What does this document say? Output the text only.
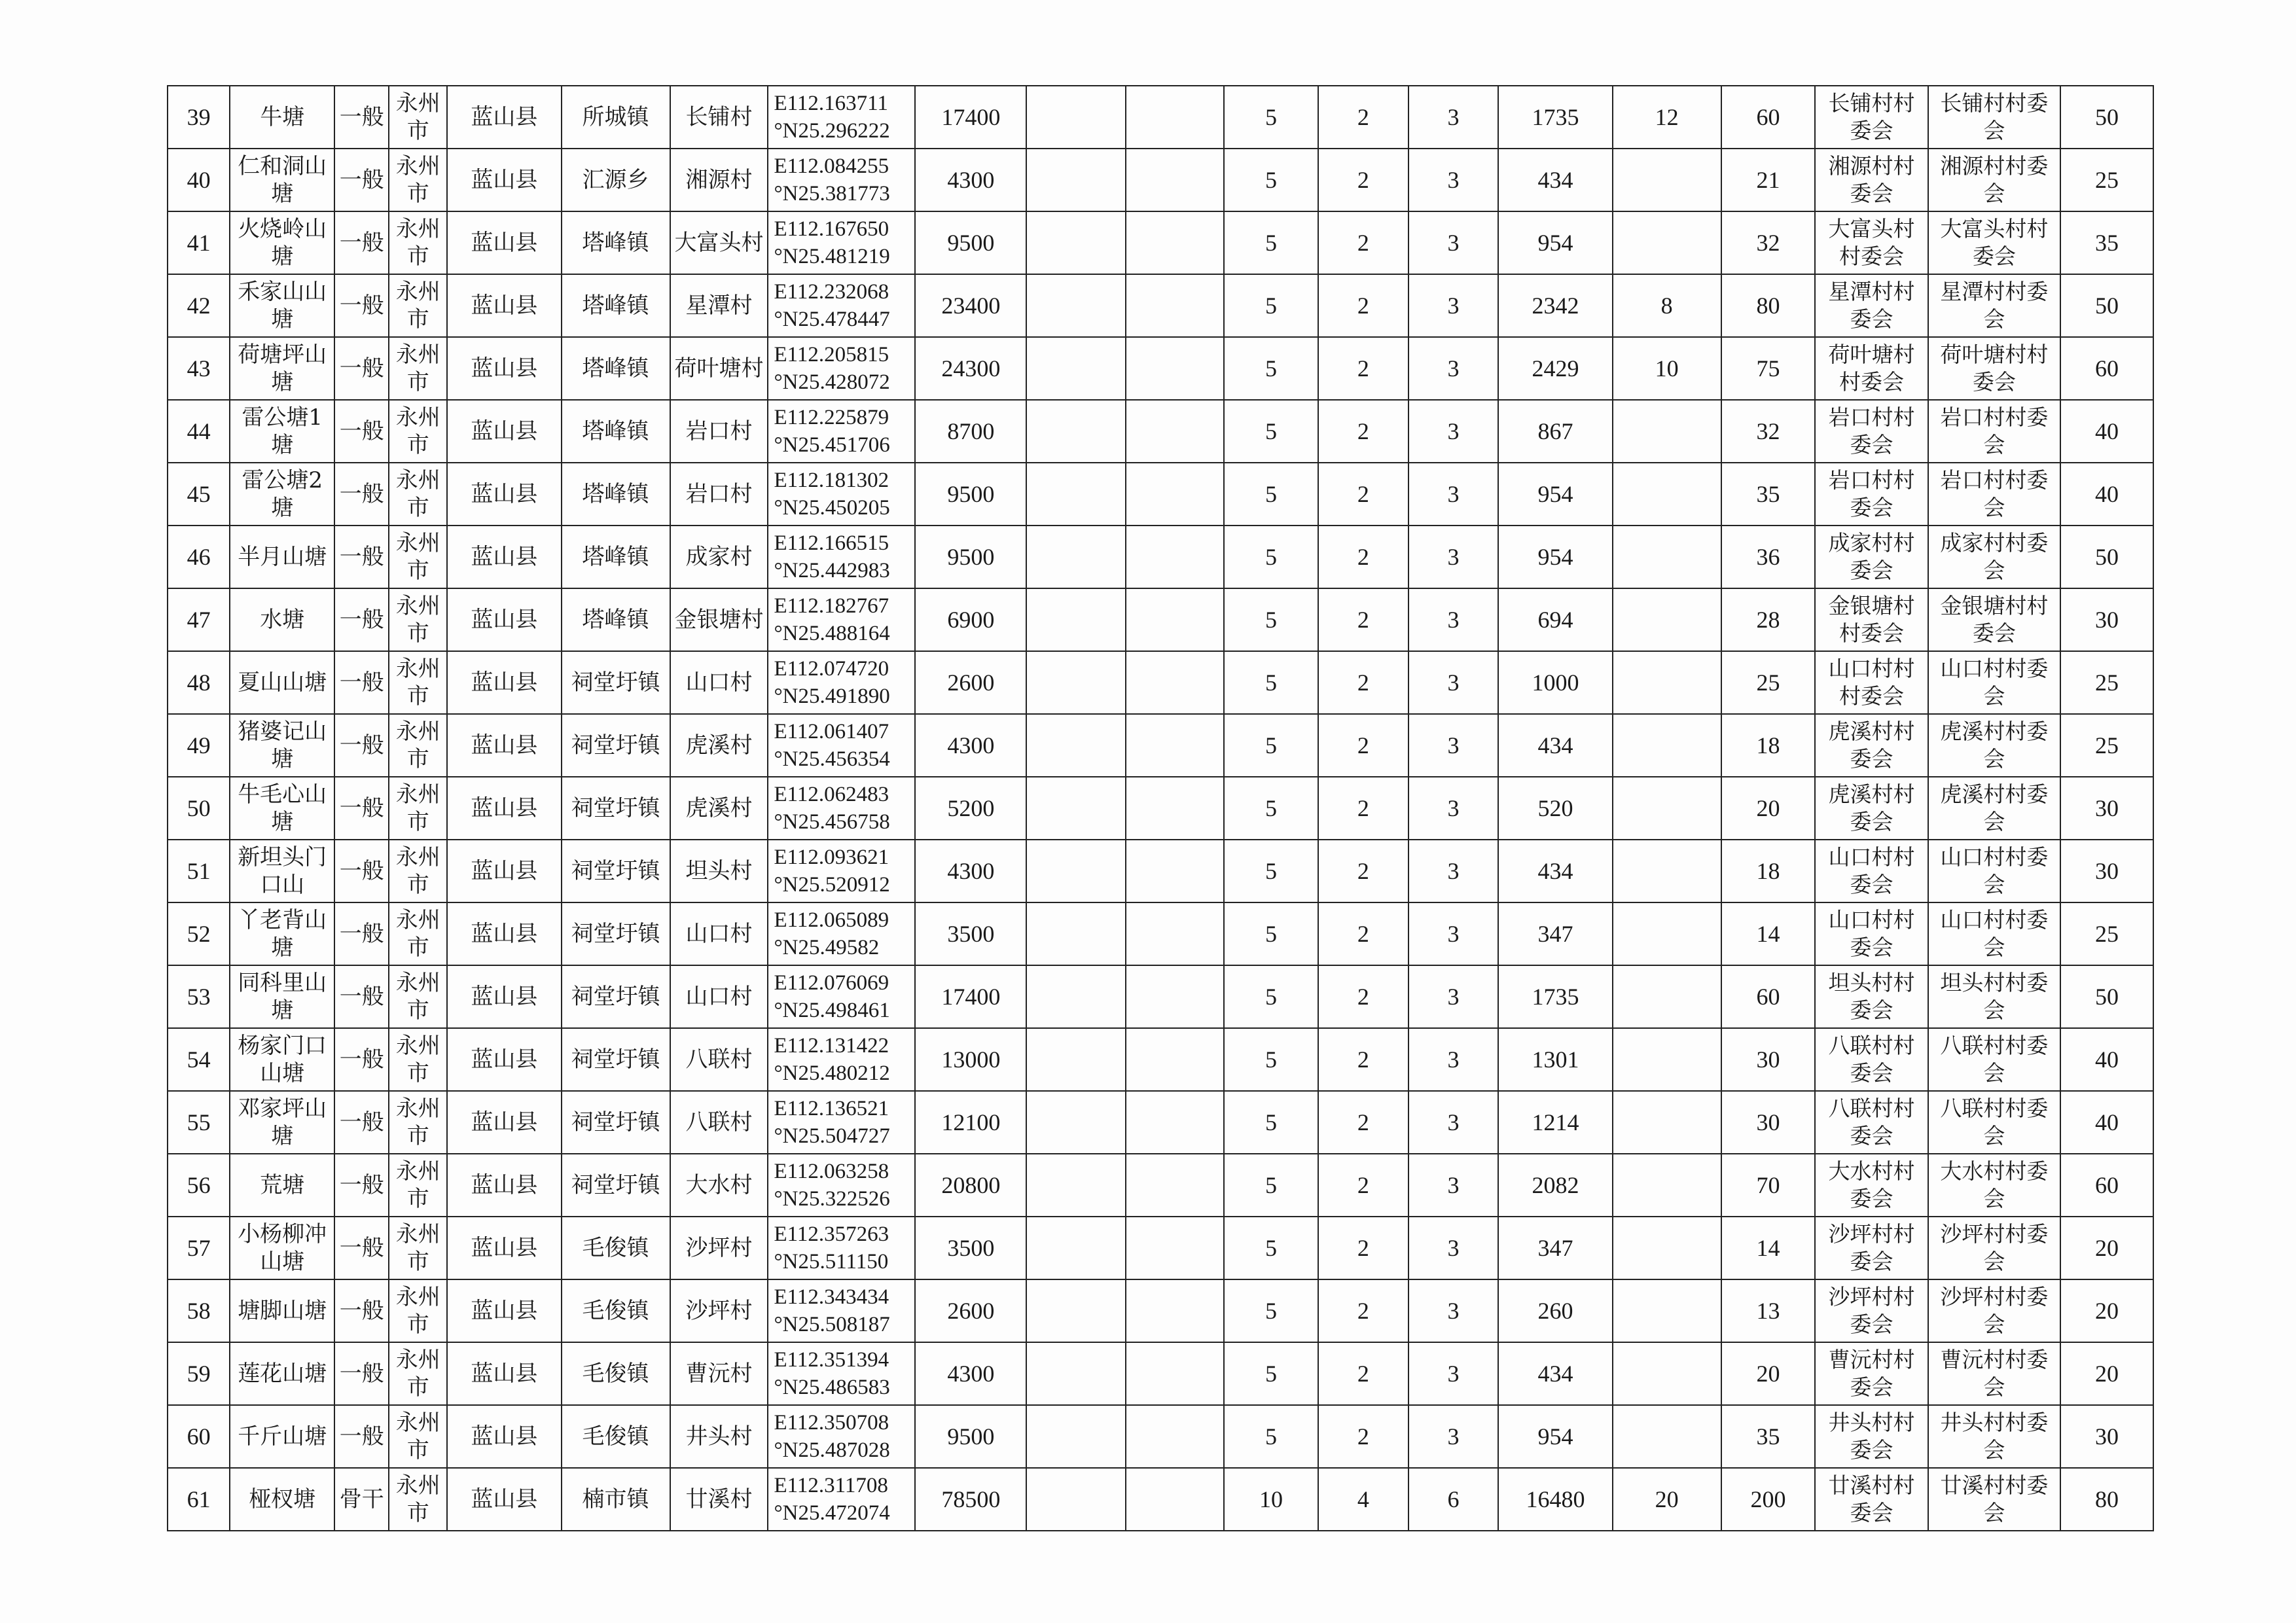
39	牛塘	一般	永州市	蓝山县	所城镇	长铺村	E112.163711
°N25.296222	17400			5	2	3	1735	12	60	长铺村村委会	长铺村村委会	50
40	仁和洞山塘	一般	永州市	蓝山县	汇源乡	湘源村	E112.084255
°N25.381773	4300			5	2	3	434		21	湘源村村委会	湘源村村委会	25
41	火烧岭山塘	一般	永州市	蓝山县	塔峰镇	大富头村	E112.167650
°N25.481219	9500			5	2	3	954		32	大富头村村委会	大富头村村委会	35
42	禾家山山塘	一般	永州市	蓝山县	塔峰镇	星潭村	E112.232068
°N25.478447	23400			5	2	3	2342	8	80	星潭村村委会	星潭村村委会	50
43	荷塘坪山塘	一般	永州市	蓝山县	塔峰镇	荷叶塘村	E112.205815
°N25.428072	24300			5	2	3	2429	10	75	荷叶塘村村委会	荷叶塘村村委会	60
44	雷公塘1塘	一般	永州市	蓝山县	塔峰镇	岩口村	E112.225879
°N25.451706	8700			5	2	3	867		32	岩口村村委会	岩口村村委会	40
45	雷公塘2塘	一般	永州市	蓝山县	塔峰镇	岩口村	E112.181302
°N25.450205	9500			5	2	3	954		35	岩口村村委会	岩口村村委会	40
46	半月山塘	一般	永州市	蓝山县	塔峰镇	成家村	E112.166515
°N25.442983	9500			5	2	3	954		36	成家村村委会	成家村村委会	50
47	水塘	一般	永州市	蓝山县	塔峰镇	金银塘村	E112.182767
°N25.488164	6900			5	2	3	694		28	金银塘村村委会	金银塘村村委会	30
48	夏山山塘	一般	永州市	蓝山县	祠堂圩镇	山口村	E112.074720
°N25.491890	2600			5	2	3	1000		25	山口村村村委会	山口村村委会	25
49	猪婆记山塘	一般	永州市	蓝山县	祠堂圩镇	虎溪村	E112.061407
°N25.456354	4300			5	2	3	434		18	虎溪村村委会	虎溪村村委会	25
50	牛毛心山塘	一般	永州市	蓝山县	祠堂圩镇	虎溪村	E112.062483
°N25.456758	5200			5	2	3	520		20	虎溪村村委会	虎溪村村委会	30
51	新坦头门口山	一般	永州市	蓝山县	祠堂圩镇	坦头村	E112.093621
°N25.520912	4300			5	2	3	434		18	山口村村委会	山口村村委会	30
52	丫老背山塘	一般	永州市	蓝山县	祠堂圩镇	山口村	E112.065089
°N25.49582	3500			5	2	3	347		14	山口村村委会	山口村村委会	25
53	同科里山塘	一般	永州市	蓝山县	祠堂圩镇	山口村	E112.076069
°N25.498461	17400			5	2	3	1735		60	坦头村村委会	坦头村村委会	50
54	杨家门口山塘	一般	永州市	蓝山县	祠堂圩镇	八联村	E112.131422
°N25.480212	13000			5	2	3	1301		30	八联村村委会	八联村村委会	40
55	邓家坪山塘	一般	永州市	蓝山县	祠堂圩镇	八联村	E112.136521
°N25.504727	12100			5	2	3	1214		30	八联村村委会	八联村村委会	40
56	荒塘	一般	永州市	蓝山县	祠堂圩镇	大水村	E112.063258
°N25.322526	20800			5	2	3	2082		70	大水村村委会	大水村村委会	60
57	小杨柳冲山塘	一般	永州市	蓝山县	毛俊镇	沙坪村	E112.357263
°N25.511150	3500			5	2	3	347		14	沙坪村村委会	沙坪村村委会	20
58	塘脚山塘	一般	永州市	蓝山县	毛俊镇	沙坪村	E112.343434
°N25.508187	2600			5	2	3	260		13	沙坪村村委会	沙坪村村委会	20
59	莲花山塘	一般	永州市	蓝山县	毛俊镇	曹沅村	E112.351394
°N25.486583	4300			5	2	3	434		20	曹沅村村委会	曹沅村村委会	20
60	千斤山塘	一般	永州市	蓝山县	毛俊镇	井头村	E112.350708
°N25.487028	9500			5	2	3	954		35	井头村村委会	井头村村委会	30
61	桠杈塘	骨干	永州市	蓝山县	楠市镇	廿溪村	E112.311708
°N25.472074	78500			10	4	6	16480	20	200	廿溪村村委会	廿溪村村委会	80
